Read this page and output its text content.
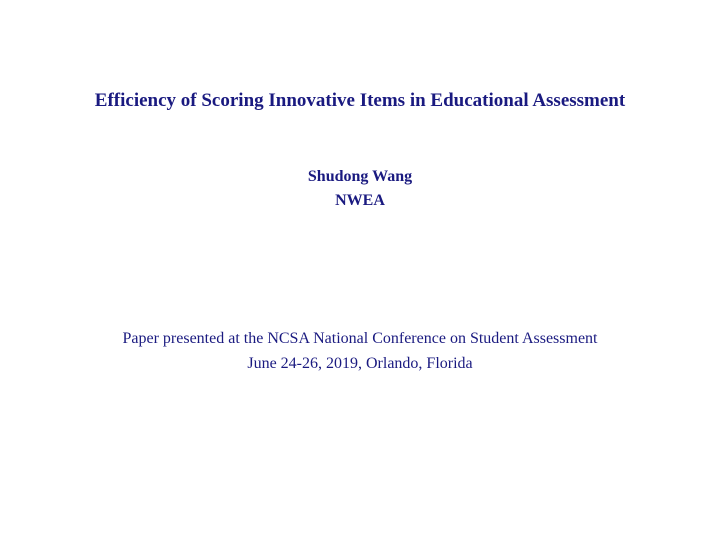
Efficiency of Scoring Innovative Items in Educational Assessment
Shudong Wang
NWEA
Paper presented at the NCSA National Conference on Student Assessment
June 24-26, 2019, Orlando, Florida
